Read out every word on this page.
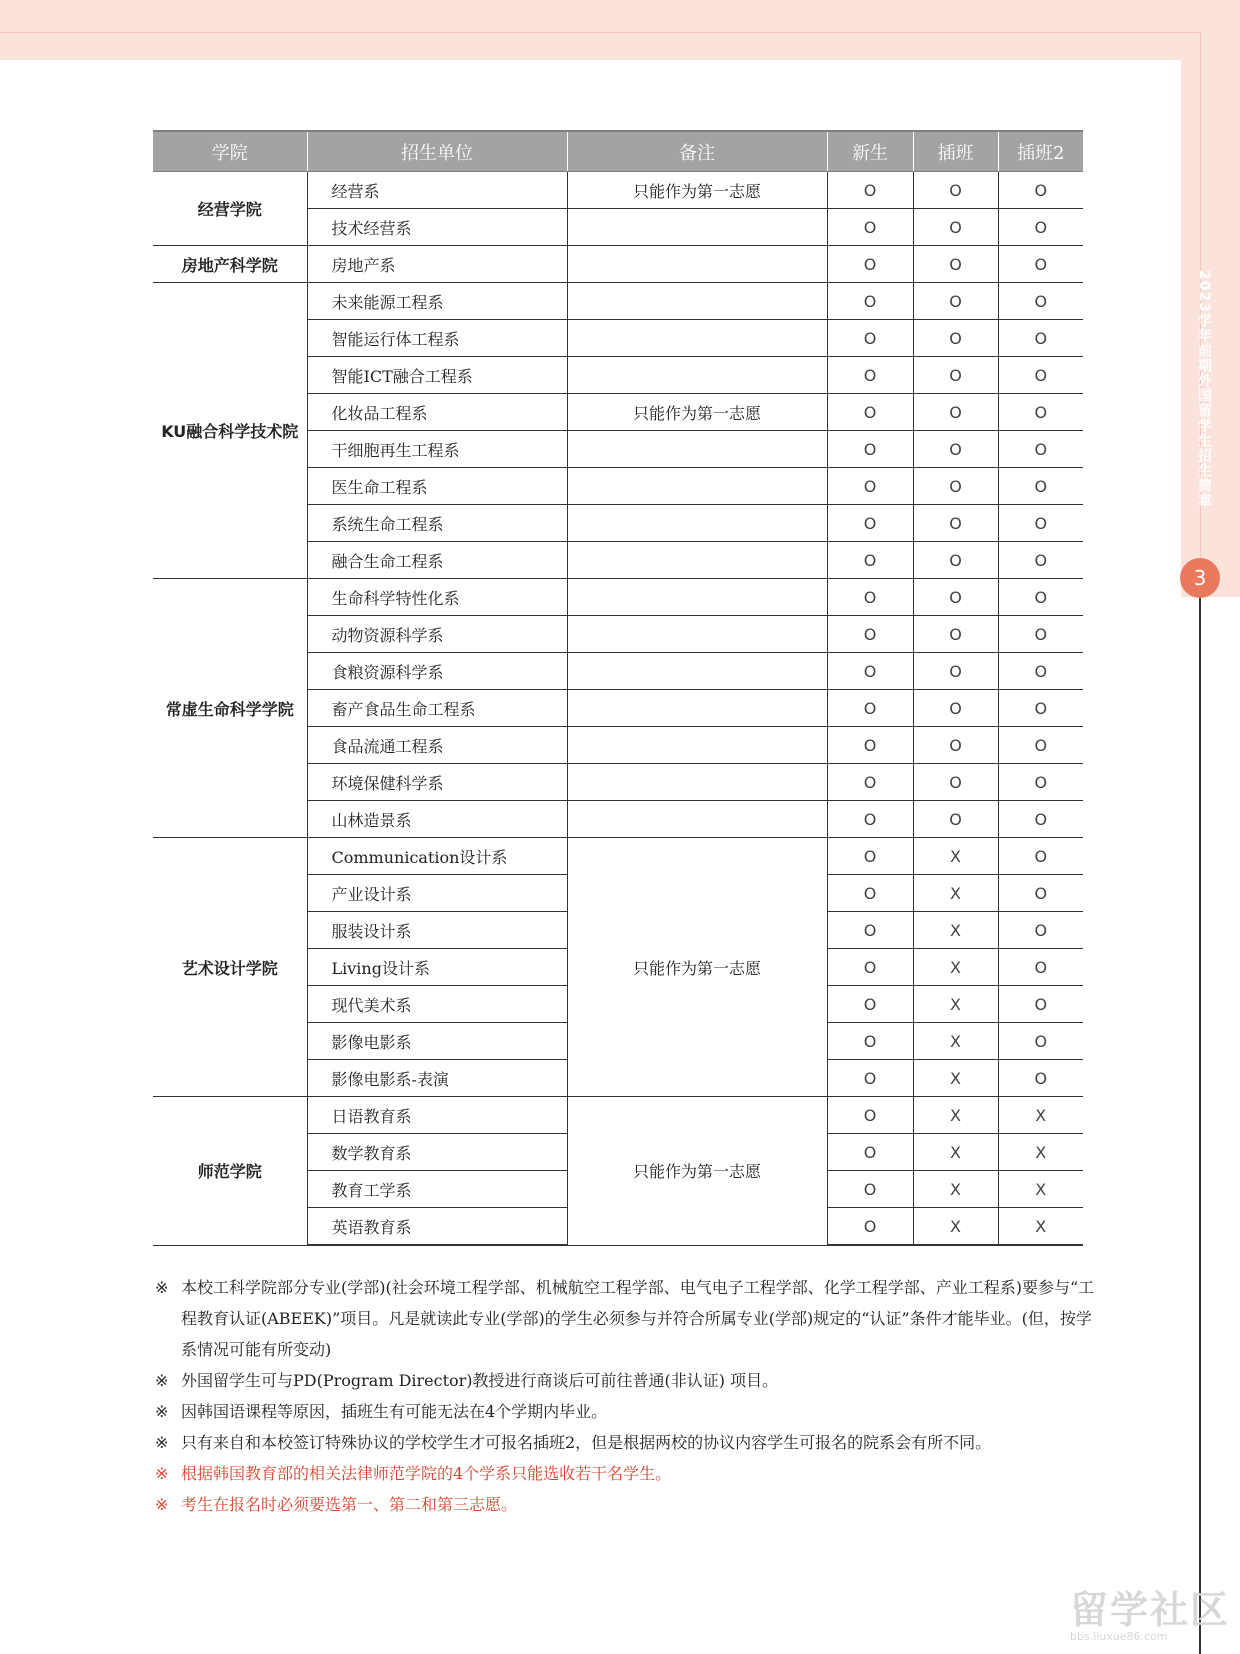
2023学年前期外国留学生招生简章
3
学院	招生单位	备注	新生	插班	插班2
经营学院	经营系	只能作为第一志愿	O	O	O
	技术经营系		O	O	O
房地产科学院	房地产系		O	O	O
KU融合科学技术院	未来能源工程系		O	O	O
	智能运行体工程系		O	O	O
	智能ICT融合工程系		O	O	O
	化妆品工程系	只能作为第一志愿	O	O	O
	干细胞再生工程系		O	O	O
	医生命工程系		O	O	O
	系统生命工程系		O	O	O
	融合生命工程系		O	O	O
常虚生命科学学院	生命科学特性化系		O	O	O
	动物资源科学系		O	O	O
	食粮资源科学系		O	O	O
	畜产食品生命工程系		O	O	O
	食品流通工程系		O	O	O
	环境保健科学系		O	O	O
	山林造景系		O	O	O
艺术设计学院	Communication设计系	只能作为第一志愿	O	X	O
	产业设计系		O	X	O
	服装设计系		O	X	O
	Living设计系		O	X	O
	现代美术系		O	X	O
	影像电影系		O	X	O
	影像电影系-表演		O	X	O
师范学院	日语教育系	只能作为第一志愿	O	X	X
	数学教育系		O	X	X
	教育工学系		O	X	X
	英语教育系		O	X	X
※ 本校工科学院部分专业(学部)(社会环境工程学部、机械航空工程学部、电气电子工程学部、化学工程学部、产业工程系)要参与“工程教育认证(ABEEK)”项目。凡是就读此专业(学部)的学生必须参与并符合所属专业(学部)规定的“认证”条件才能毕业。(但，按学系情况可能有所变动)
※ 外国留学生可与PD(Program Director)教授进行商谈后可前往普通(非认证) 项目。
※ 因韩国语课程等原因，插班生有可能无法在4个学期内毕业。
※ 只有来自和本校签订特殊协议的学校学生才可报名插班2，但是根据两校的协议内容学生可报名的院系会有所不同。
※ 根据韩国教育部的相关法律师范学院的4个学系只能选收若干名学生。
※ 考生在报名时必须要选第一、第二和第三志愿。
留学社区
bbs.liuxue86.com
